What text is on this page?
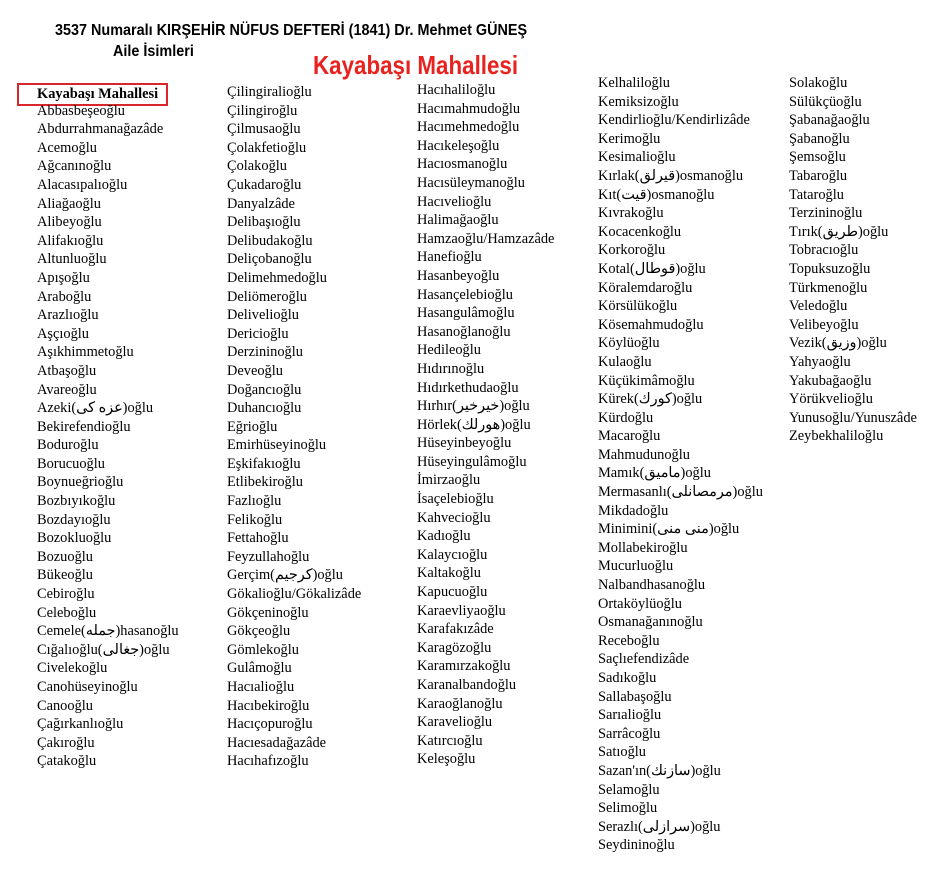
3537 Numaralı KIRŞEHİR NÜFUS DEFTERİ (1841) Dr. Mehmet GÜNEŞ
Aile İsimleri	Kayabaşı Mahallesi
Kayabaşı Mahallesi
Abbasbeşeoğlu
Abdurrahmanağazâde
Acemoğlu
Ağcanınoğlu
Alacasıpalıoğlu
Aliağaoğlu
Alibeyoğlu
Alifakıoğlu
Altunluoğlu
Apışoğlu
Araboğlu
Arazlıoğlu
Aşçıoğlu
Aşıkhimmetoğlu
Atbaşoğlu
Avareoğlu
Azeki(عزه کی)oğlu
Bekirefendioğlu
Boduroğlu
Borucuoğlu
Boynueğrioğlu
Bozbıyıkoğlu
Bozdayıoğlu
Bozokluoğlu
Bozuoğlu
Bükeoğlu
Cebiroğlu
Celeboğlu
Cemele(جمله)hasanoğlu
Cığalıoğlu(جغالى)oğlu
Civelekoğlu
Canohüseyinoğlu
Canooğlu
Çağırkanlıoğlu
Çakıroğlu
Çatakoğlu
Çilingiralioğlu
Çilingiroğlu
Çilmusaoğlu
Çolakfetioğlu
Çolakoğlu
Çukadaroğlu
Danyalzâde
Delibaşıoğlu
Delibudakoğlu
Deliçobanoğlu
Delimehmedoğlu
Deliömeroğlu
Deliveliоğlu
Dericioğlu
Derzininoğlu
Deveoğlu
Doğancıoğlu
Duhancıoğlu
Eğrioğlu
Emirhüseyinoğlu
Eşkifakıoğlu
Etlibekiroğlu
Fazlıoğlu
Felikoğlu
Fettahoğlu
Feyzullahoğlu
Gerçim(كرجيم)oğlu
Gökalioğlu/Gökalizâde
Gökçeninoğlu
Gökçeoğlu
Gömlekoğlu
Gulâmoğlu
Hacıalioğlu
Hacıbekiroğlu
Hacıçopuroğlu
Hacıesadağazâde
Hacıhafızoğlu
Hacıhalіloğlu
Hacımahmudoğlu
Hacımehmedoğlu
Hacıkeleşoğlu
Hacıosmanoğlu
Hacısüleymanoğlu
Hacıvelioğlu
Halimağaoğlu
Hamzaoğlu/Hamzazâde
Hanefioğlu
Hasanbeyoğlu
Hasançelebioğlu
Hasangulâmoğlu
Hasanoğlanoğlu
Hedileoğlu
Hıdırınoğlu
Hıdırkethudaoğlu
Hırhır(خيرخير)oğlu
Hörlek(هورلك)oğlu
Hüseyinbeyoğlu
Hüseyingulâmoğlu
İmirzaoğlu
İsaçelebioğlu
Kahvecioğlu
Kadıoğlu
Kalaycıoğlu
Kaltakoğlu
Kapucuoğlu
Karaevliyaoğlu
Karafakızâde
Karagözoğlu
Karamırzakoğlu
Karanalbandoğlu
Karaoğlanoğlu
Karavelioğlu
Katırcıoğlu
Keleşoğlu
Kelhalіloğlu
Kemiksizoğlu
Kendirlioğlu/Kendirlizâde
Kerimoğlu
Kesimalioğlu
Kırlak(قيرلق)osmanoğlu
Kıt(قيت)osmanoğlu
Kıvrakoğlu
Kocacenkoğlu
Korkoroğlu
Kotal(قوطال)oğlu
Köralemdaroğlu
Körsülükoğlu
Kösemahmudoğlu
Köylüoğlu
Kulaoğlu
Küçükimâmoğlu
Kürek(كورك)oğlu
Kürdoğlu
Macaroğlu
Mahmudunoğlu
Mamık(ماميق)oğlu
Mermasanlı(مرمصانلى)oğlu
Mikdadoğlu
Minimini(منى منى)oğlu
Mollabekiroğlu
Mucurluoğlu
Nalbandhasanoğlu
Ortaköylüoğlu
Osmanağanınoğlu
Receboğlu
Saçlıefendizâde
Sadıkoğlu
Sallabaşoğlu
Sarıalioğlu
Sarrâcoğlu
Satıoğlu
Sazan'ın(سازنك)oğlu
Selamoğlu
Selimoğlu
Serazlı(سرازلى)oğlu
Seydininoğlu
Solakoğlu
Sülükçüoğlu
Şabanağaoğlu
Şabanoğlu
Şemsoğlu
Tabaroğlu
Tataroğlu
Terzininoğlu
Tırık(طريق)oğlu
Tobracıoğlu
Topuksuzoğlu
Türkmenoğlu
Veledoğlu
Velibeyoğlu
Vezik(وزيق)oğlu
Yahyaoğlu
Yakubağaoğlu
Yörükvelioğlu
Yunusoğlu/Yunuszâde
Zeybekhalіloğlu
